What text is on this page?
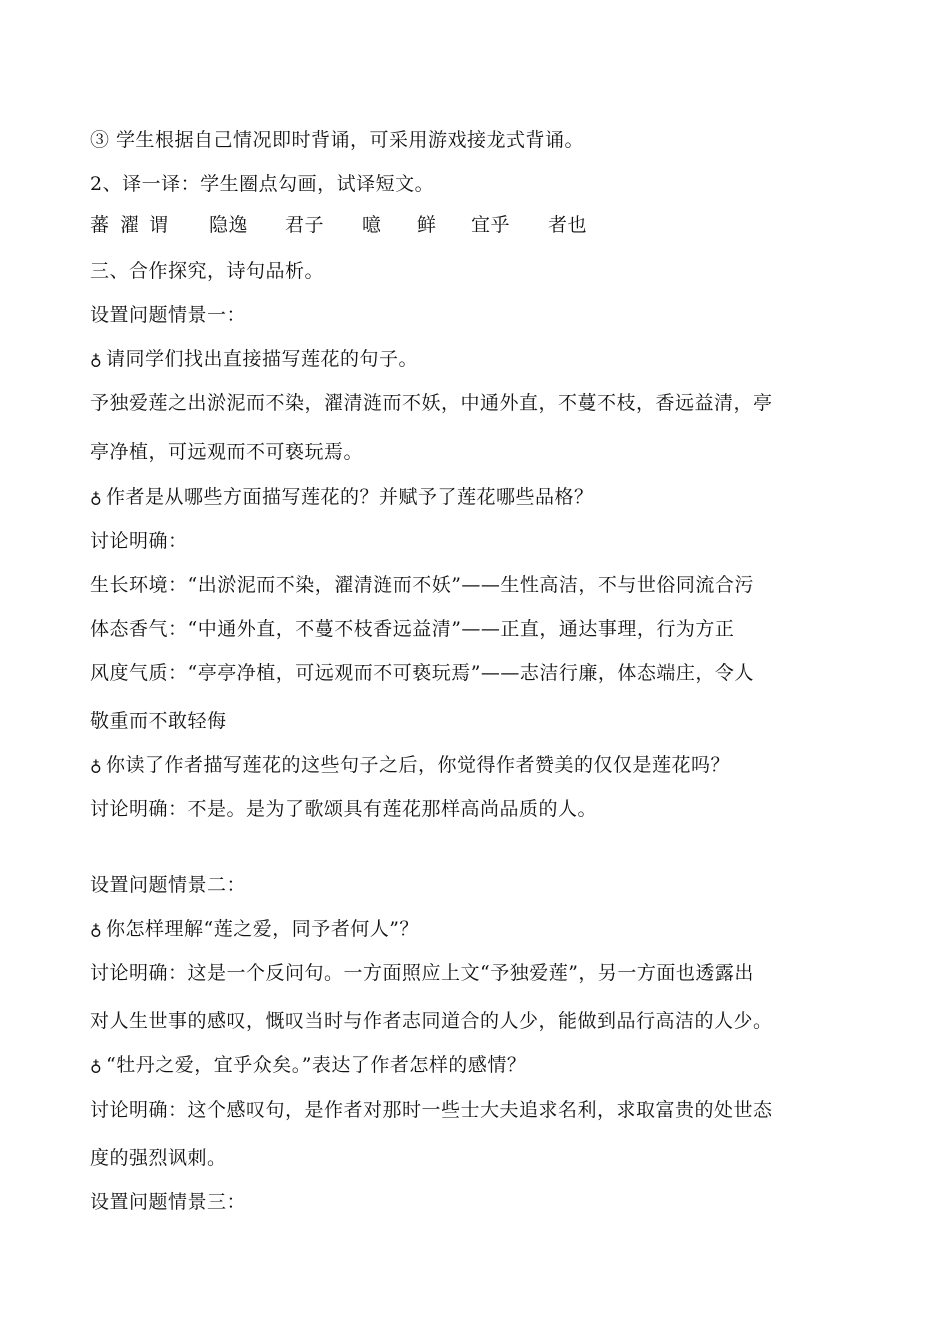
③ 学生根据自己情况即时背诵，可采用游戏接龙式背诵。
2、译一译：学生圈点勾画，试译短文。
蕃 濯 谓 隐逸 君子 噫 鲜 宜乎 者也
三、合作探究，诗句品析。
设置问题情景一：
♁ 请同学们找出直接描写莲花的句子。
予独爱莲之出淤泥而不染，濯清涟而不妖，中通外直，不蔓不枝，香远益清，亭
亭净植，可远观而不可亵玩焉。
♁ 作者是从哪些方面描写莲花的？并赋予了莲花哪些品格？
讨论明确：
生长环境：“出淤泥而不染，濯清涟而不妖”——生性高洁，不与世俗同流合污
体态香气：“中通外直，不蔓不枝香远益清”——正直，通达事理，行为方正
风度气质：“亭亭净植，可远观而不可亵玩焉”——志洁行廉，体态端庄，令人
敬重而不敢轻侮
♁ 你读了作者描写莲花的这些句子之后，你觉得作者赞美的仅仅是莲花吗？
讨论明确：不是。是为了歌颂具有莲花那样高尚品质的人。
设置问题情景二：
♁ 你怎样理解“莲之爱，同予者何人”？
讨论明确：这是一个反问句。一方面照应上文“予独爱莲”，另一方面也透露出
对人生世事的感叹，慨叹当时与作者志同道合的人少，能做到品行高洁的人少。
♁ “牡丹之爱，宜乎众矣。”表达了作者怎样的感情？
讨论明确：这个感叹句，是作者对那时一些士大夫追求名利，求取富贵的处世态
度的强烈讽刺。
设置问题情景三：
